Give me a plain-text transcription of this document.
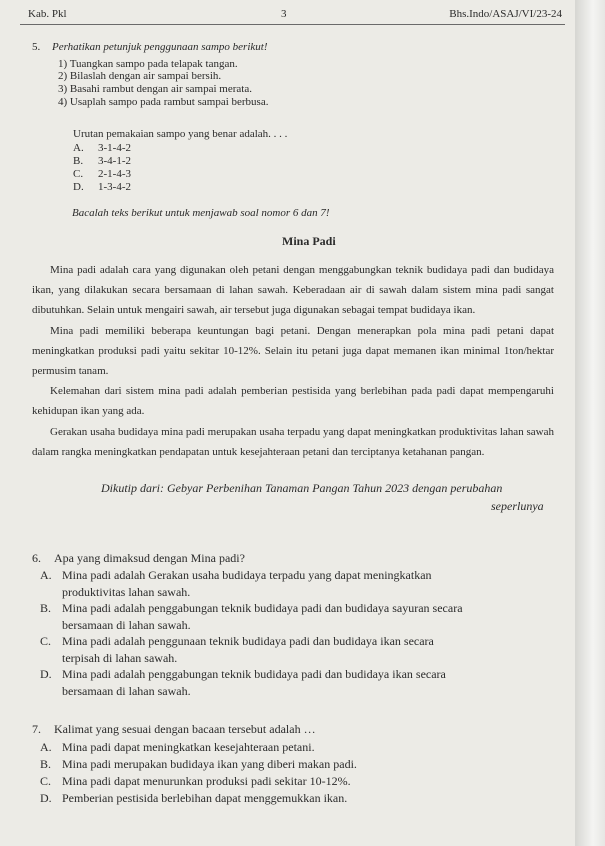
Kab. Pkl	3	Bhs.Indo/ASAJ/VI/23-24
5. Perhatikan petunjuk penggunaan sampo berikut!
1) Tuangkan sampo pada telapak tangan.
2) Bilaslah dengan air sampai bersih.
3) Basahi rambut dengan air sampai merata.
4) Usaplah sampo pada rambut sampai berbusa.
Urutan pemakaian sampo yang benar adalah. . . .
A. 3-1-4-2
B. 3-4-1-2
C. 2-1-4-3
D. 1-3-4-2
Bacalah teks berikut untuk menjawab soal nomor 6 dan 7!
Mina Padi

Mina padi adalah cara yang digunakan oleh petani dengan menggabungkan teknik budidaya padi dan budidaya ikan, yang dilakukan secara bersamaan di lahan sawah. Keberadaan air di sawah dalam sistem mina padi sangat dibutuhkan. Selain untuk mengairi sawah, air tersebut juga digunakan sebagai tempat budidaya ikan.

Mina padi memiliki beberapa keuntungan bagi petani. Dengan menerapkan pola mina padi petani dapat meningkatkan produksi padi yaitu sekitar 10-12%. Selain itu petani juga dapat memanen ikan minimal 1ton/hektar permusim tanam.

Kelemahan dari sistem mina padi adalah pemberian pestisida yang berlebihan pada padi dapat mempengaruhi kehidupan ikan yang ada.

Gerakan usaha budidaya mina padi merupakan usaha terpadu yang dapat meningkatkan produktivitas lahan sawah dalam rangka meningkatkan pendapatan untuk kesejahteraan petani dan terciptanya ketahanan pangan.

Dikutip dari: Gebyar Perbenihan Tanaman Pangan Tahun 2023 dengan perubahan
seperlunya
6. Apa yang dimaksud dengan Mina padi?
A. Mina padi adalah Gerakan usaha budidaya terpadu yang dapat meningkatkan
produktivitas lahan sawah.
B. Mina padi adalah penggabungan teknik budidaya padi dan budidaya sayuran secara
bersamaan di lahan sawah.
C. Mina padi adalah penggunaan teknik budidaya padi dan budidaya ikan secara
terpisah di lahan sawah.
D. Mina padi adalah penggabungan teknik budidaya padi dan budidaya ikan secara
bersamaan di lahan sawah.
7. Kalimat yang sesuai dengan bacaan tersebut adalah …
A. Mina padi dapat meningkatkan kesejahteraan petani.
B. Mina padi merupakan budidaya ikan yang diberi makan padi.
C. Mina padi dapat menurunkan produksi padi sekitar 10-12%.
D. Pemberian pestisida berlebihan dapat menggemukkan ikan.
